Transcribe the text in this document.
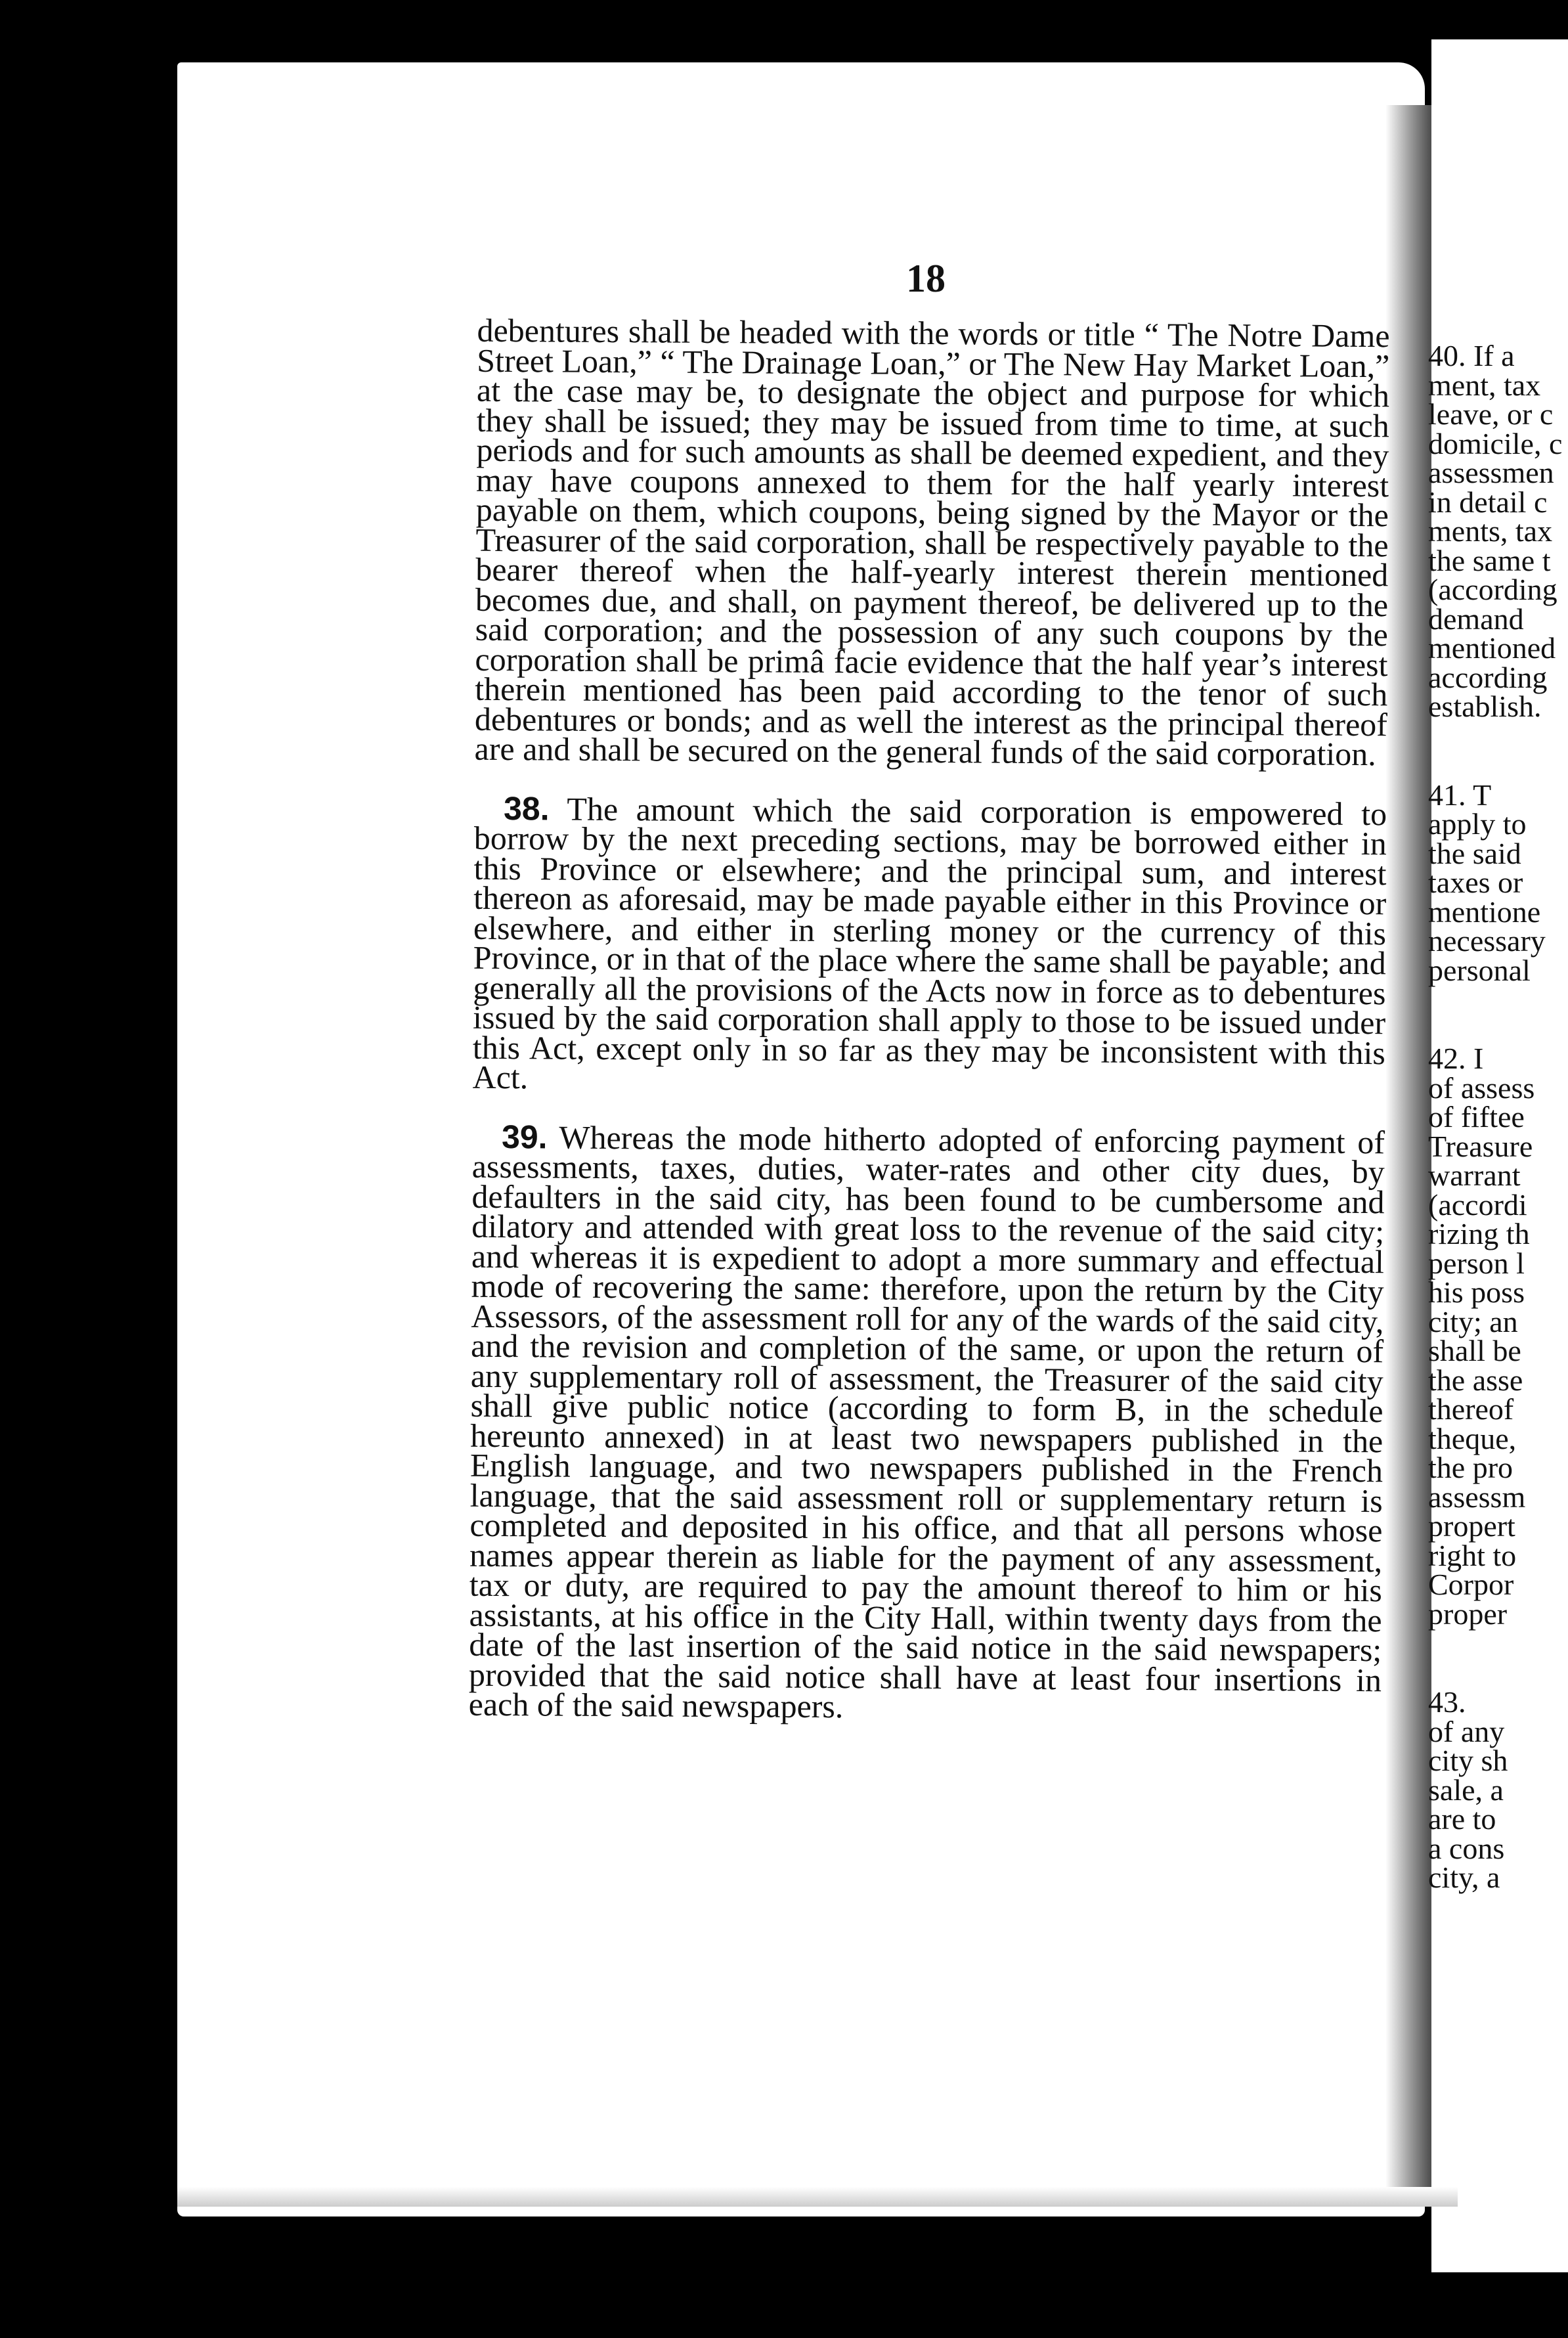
18

debentures shall be headed with the words or title “ The Notre Dame Street Loan,” “ The Drainage Loan,” or The New Hay Market Loan,” at the case may be, to designate the object and purpose for which they shall be issued; they may be issued from time to time, at such periods and for such amounts as shall be deemed expedient, and they may have coupons annexed to them for the half yearly interest payable on them, which coupons, being signed by the Mayor or the Treasurer of the said corporation, shall be respectively payable to the bearer thereof when the half-yearly interest therein mentioned becomes due, and shall, on payment thereof, be delivered up to the said corporation; and the possession of any such coupons by the corporation shall be primâ facie evidence that the half year’s interest therein mentioned has been paid according to the tenor of such debentures or bonds; and as well the interest as the principal thereof are and shall be secured on the general funds of the said corporation.

38. The amount which the said corporation is empowered to borrow by the next preceding sections, may be borrowed either in this Province or elsewhere; and the principal sum, and interest thereon as aforesaid, may be made payable either in this Province or elsewhere, and either in sterling money or the currency of this Province, or in that of the place where the same shall be payable; and generally all the provisions of the Acts now in force as to debentures issued by the said corporation shall apply to those to be issued under this Act, except only in so far as they may be inconsistent with this Act.

39. Whereas the mode hitherto adopted of enforcing payment of assessments, taxes, duties, water-rates and other city dues, by defaulters in the said city, has been found to be cumbersome and dilatory and attended with great loss to the revenue of the said city; and whereas it is expedient to adopt a more summary and effectual mode of recovering the same: therefore, upon the return by the City Assessors, of the assessment roll for any of the wards of the said city, and the revision and completion of the same, or upon the return of any supplementary roll of assessment, the Treasurer of the said city shall give public notice (according to form B, in the schedule hereunto annexed) in at least two newspapers published in the English language, and two newspapers published in the French language, that the said assessment roll or supplementary return is completed and deposited in his office, and that all persons whose names appear therein as liable for the payment of any assessment, tax or duty, are required to pay the amount thereof to him or his assistants, at his office in the City Hall, within twenty days from the date of the last insertion of the said notice in the said newspapers; provided that the said notice shall have at least four insertions in each of the said newspapers.

40. If a
ment, tax
leave, or c
domicile, c
assessmen
in detail c
ments, tax
the same t
(according
demand
mentioned
according
establish.
41. T
apply to
the said
taxes or
mentione
necessary
personal
42. I
of assess
of fiftee
Treasure
warrant
(accordi
rizing th
person l
his poss
city; an
shall be
the asse
thereof
theque,
the pro
assessm
propert
right to
Corpor
proper
43.
of any
city sh
sale, a
are to
a cons
city, a
